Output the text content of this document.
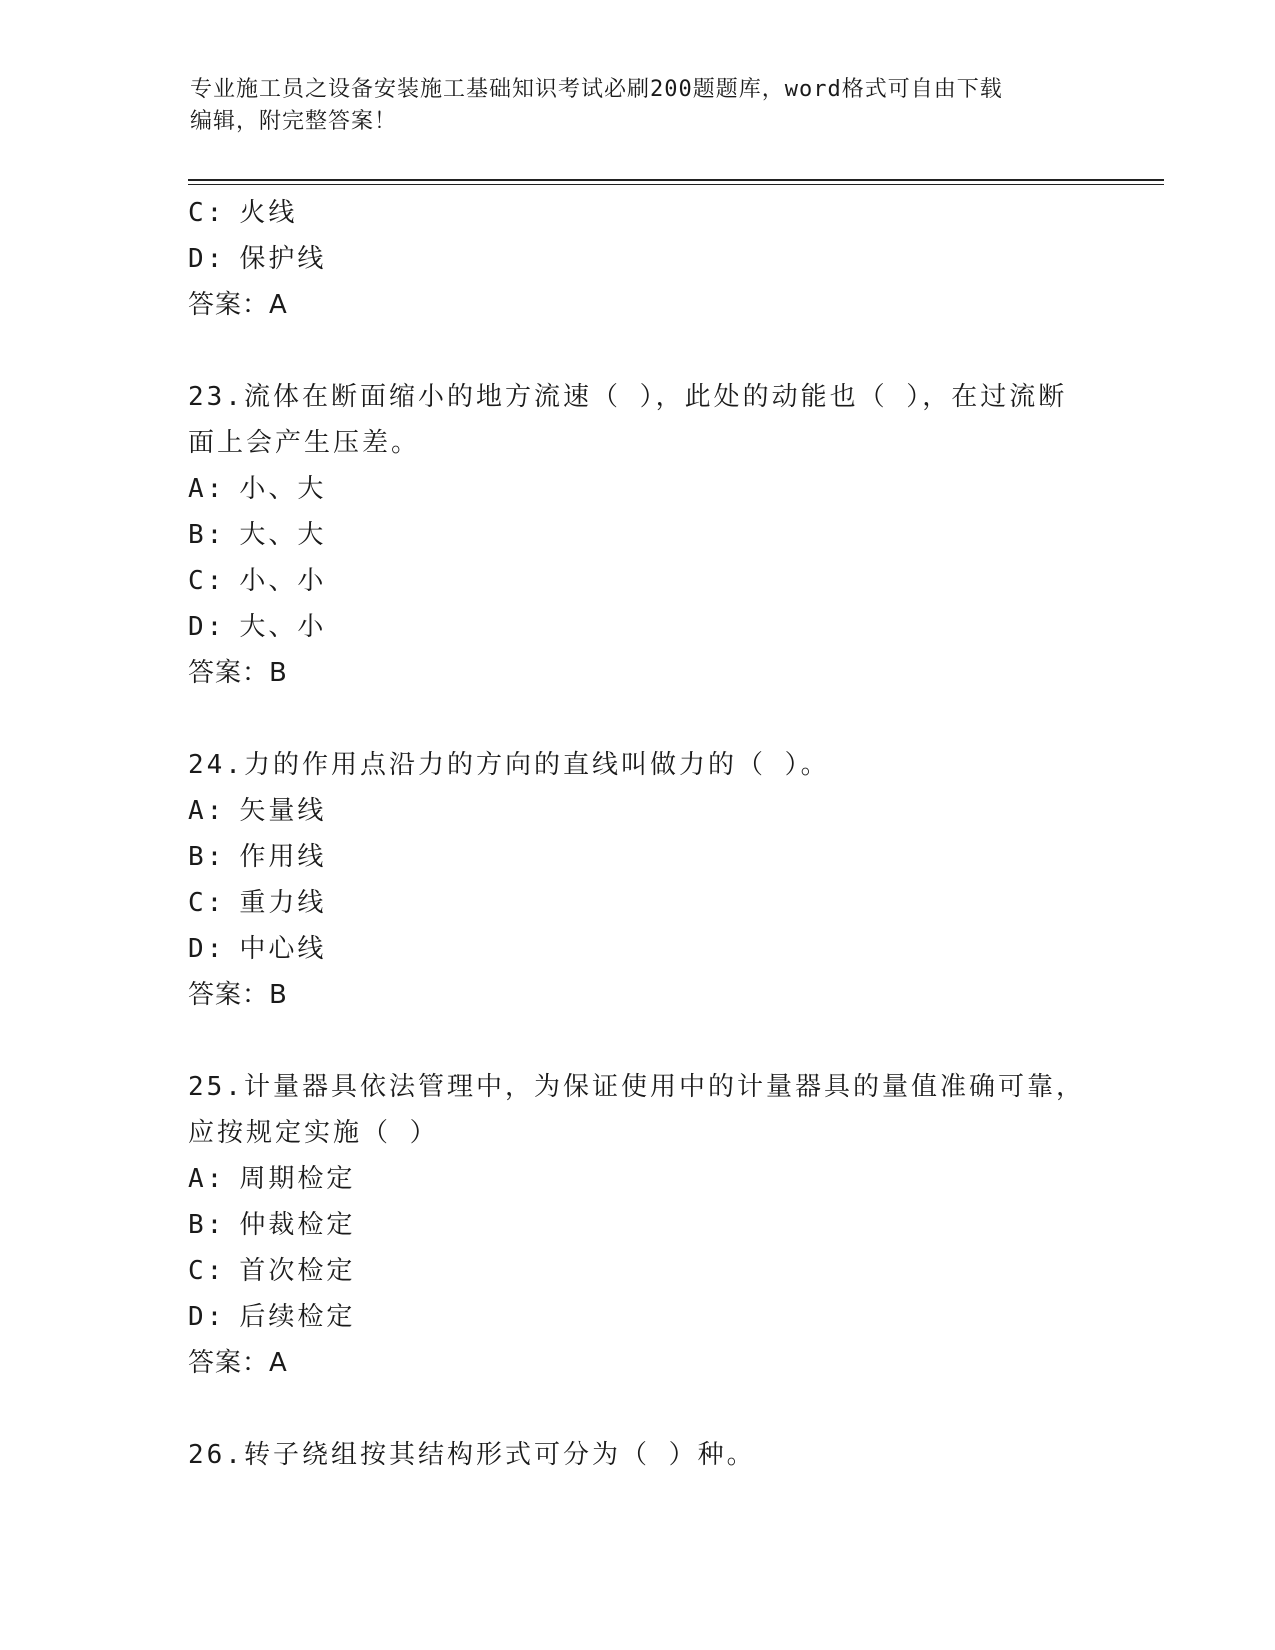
专业施工员之设备安装施工基础知识考试必刷200题题库，word格式可自由下载
编辑，附完整答案！
C: 火线
D: 保护线
答案：A
23.流体在断面缩小的地方流速（ ），此处的动能也（ ），在过流断
面上会产生压差。
A: 小、大
B: 大、大
C: 小、小
D: 大、小
答案：B
24.力的作用点沿力的方向的直线叫做力的（ ）。
A: 矢量线
B: 作用线
C: 重力线
D: 中心线
答案：B
25.计量器具依法管理中，为保证使用中的计量器具的量值准确可靠，
应按规定实施（ ）
A: 周期检定
B: 仲裁检定
C: 首次检定
D: 后续检定
答案：A
26.转子绕组按其结构形式可分为（ ）种。
